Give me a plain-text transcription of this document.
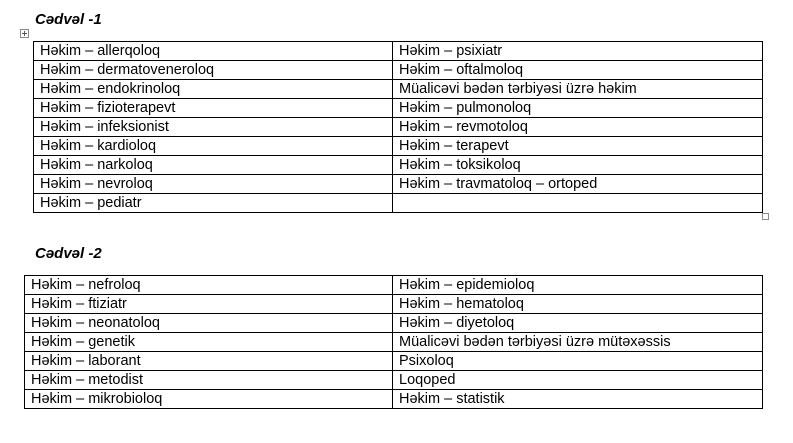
Cədvəl -1

Həkim – allerqoloq	Həkim – psixiatr
Həkim – dermatovenerolоq	Həkim – oftalmoloq
Həkim – endokrinoloq	Müalicəvi bədən tərbiyəsi üzrə həkim
Həkim – fizioterapevt	Həkim – pulmonoloq
Həkim – infeksionist	Həkim – revmotoloq
Həkim – kardioloq	Həkim – terapevt
Həkim – narkoloq	Həkim – toksikoloq
Həkim – nevroloq	Həkim – travmatoloq – ortoped
Həkim – pediatr	

Cədvəl -2

Həkim – nefroloq	Həkim – epidemioloq
Həkim – ftiziatr	Həkim – hematoloq
Həkim – neonatoloq	Həkim – diyetoloq
Həkim – genetik	Müalicəvi bədən tərbiyəsi üzrə mütəxəssis
Həkim – laborant	Psixoloq
Həkim – metodist	Loqoped
Həkim – mikrobioloq	Həkim – statistik
